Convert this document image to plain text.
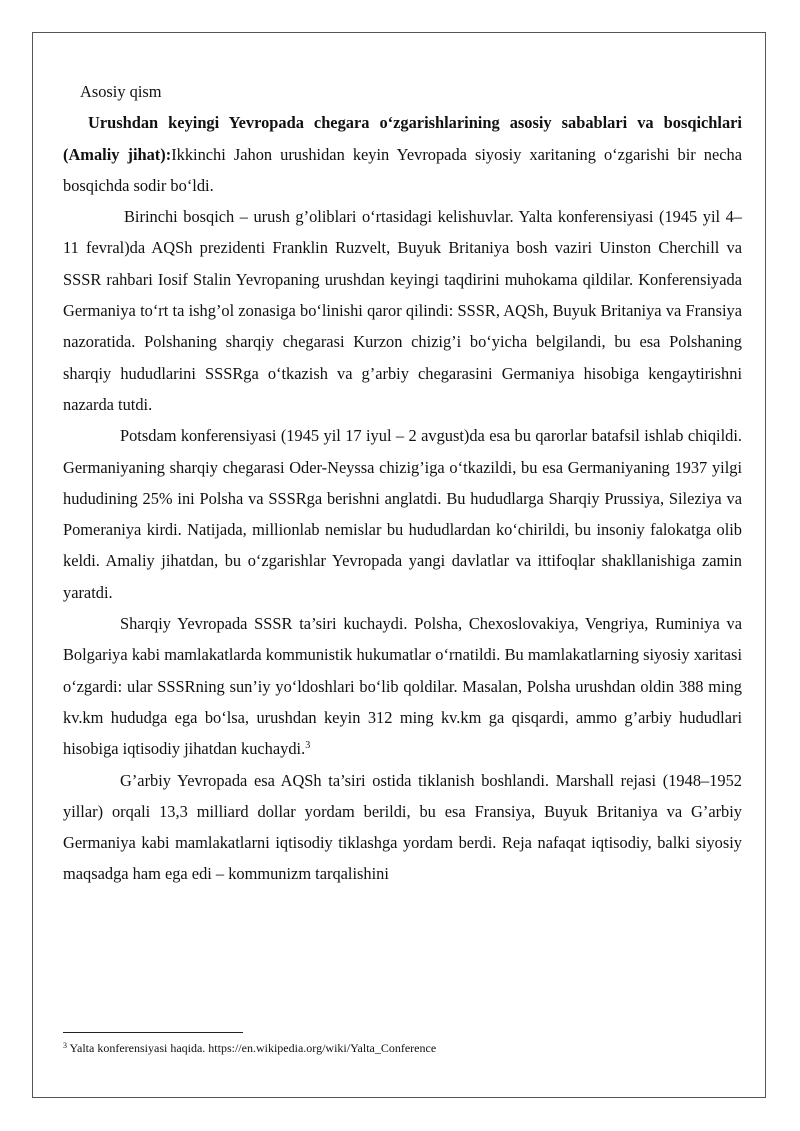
Asosiy qism

Urushdan keyingi Yevropada chegara o‘zgarishlarining asosiy sabablari va bosqichlari (Amaliy jihat):Ikkinchi Jahon urushidan keyin Yevropada siyosiy xaritaning o‘zgarishi bir necha bosqichda sodir bo‘ldi.

Birinchi bosqich – urush g’oliblari o‘rtasidagi kelishuvlar. Yalta konferensiyasi (1945 yil 4–11 fevral)da AQSh prezidenti Franklin Ruzvelt, Buyuk Britaniya bosh vaziri Uinston Cherchill va SSSR rahbari Iosif Stalin Yevropaning urushdan keyingi taqdirini muhokama qildilar. Konferensiyada Germaniya to‘rt ta ishg’ol zonasiga bo‘linishi qaror qilindi: SSSR, AQSh, Buyuk Britaniya va Fransiya nazoratida. Polshaning sharqiy chegarasi Kurzon chizig’i bo‘yicha belgilandi, bu esa Polshaning sharqiy hududlarini SSSRga o‘tkazish va g’arbiy chegarasini Germaniya hisobiga kengaytirishni nazarda tutdi.

Potsdam konferensiyasi (1945 yil 17 iyul – 2 avgust)da esa bu qarorlar batafsil ishlab chiqildi. Germaniyaning sharqiy chegarasi Oder-Neyssa chizig’iga o‘tkazildi, bu esa Germaniyaning 1937 yilgi hududining 25% ini Polsha va SSSRga berishni anglatdi. Bu hududlarga Sharqiy Prussiya, Sileziya va Pomeraniya kirdi. Natijada, millionlab nemislar bu hududlardan ko‘chirildi, bu insoniy falokatga olib keldi. Amaliy jihatdan, bu o‘zgarishlar Yevropada yangi davlatlar va ittifoqlar shakllanishiga zamin yaratdi.

Sharqiy Yevropada SSSR ta’siri kuchaydi. Polsha, Chexoslovakiya, Vengriya, Ruminiya va Bolgariya kabi mamlakatlarda kommunistik hukumatlar o‘rnatildi. Bu mamlakatlarning siyosiy xaritasi o‘zgardi: ular SSSRning sun’iy yo‘ldoshlari bo‘lib qoldilar. Masalan, Polsha urushdan oldin 388 ming kv.km hududga ega bo‘lsa, urushdan keyin 312 ming kv.km ga qisqardi, ammo g’arbiy hududlari hisobiga iqtisodiy jihatdan kuchaydi.$^3$

G’arbiy Yevropada esa AQSh ta’siri ostida tiklanish boshlandi. Marshall rejasi (1948–1952 yillar) orqali 13,3 milliard dollar yordam berildi, bu esa Fransiya, Buyuk Britaniya va G’arbiy Germaniya kabi mamlakatlarni iqtisodiy tiklashga yordam berdi. Reja nafaqat iqtisodiy, balki siyosiy maqsadga ham ega edi – kommunizm tarqalishini

$^3$ Yalta konferensiyasi haqida. https://en.wikipedia.org/wiki/Yalta_Conference
